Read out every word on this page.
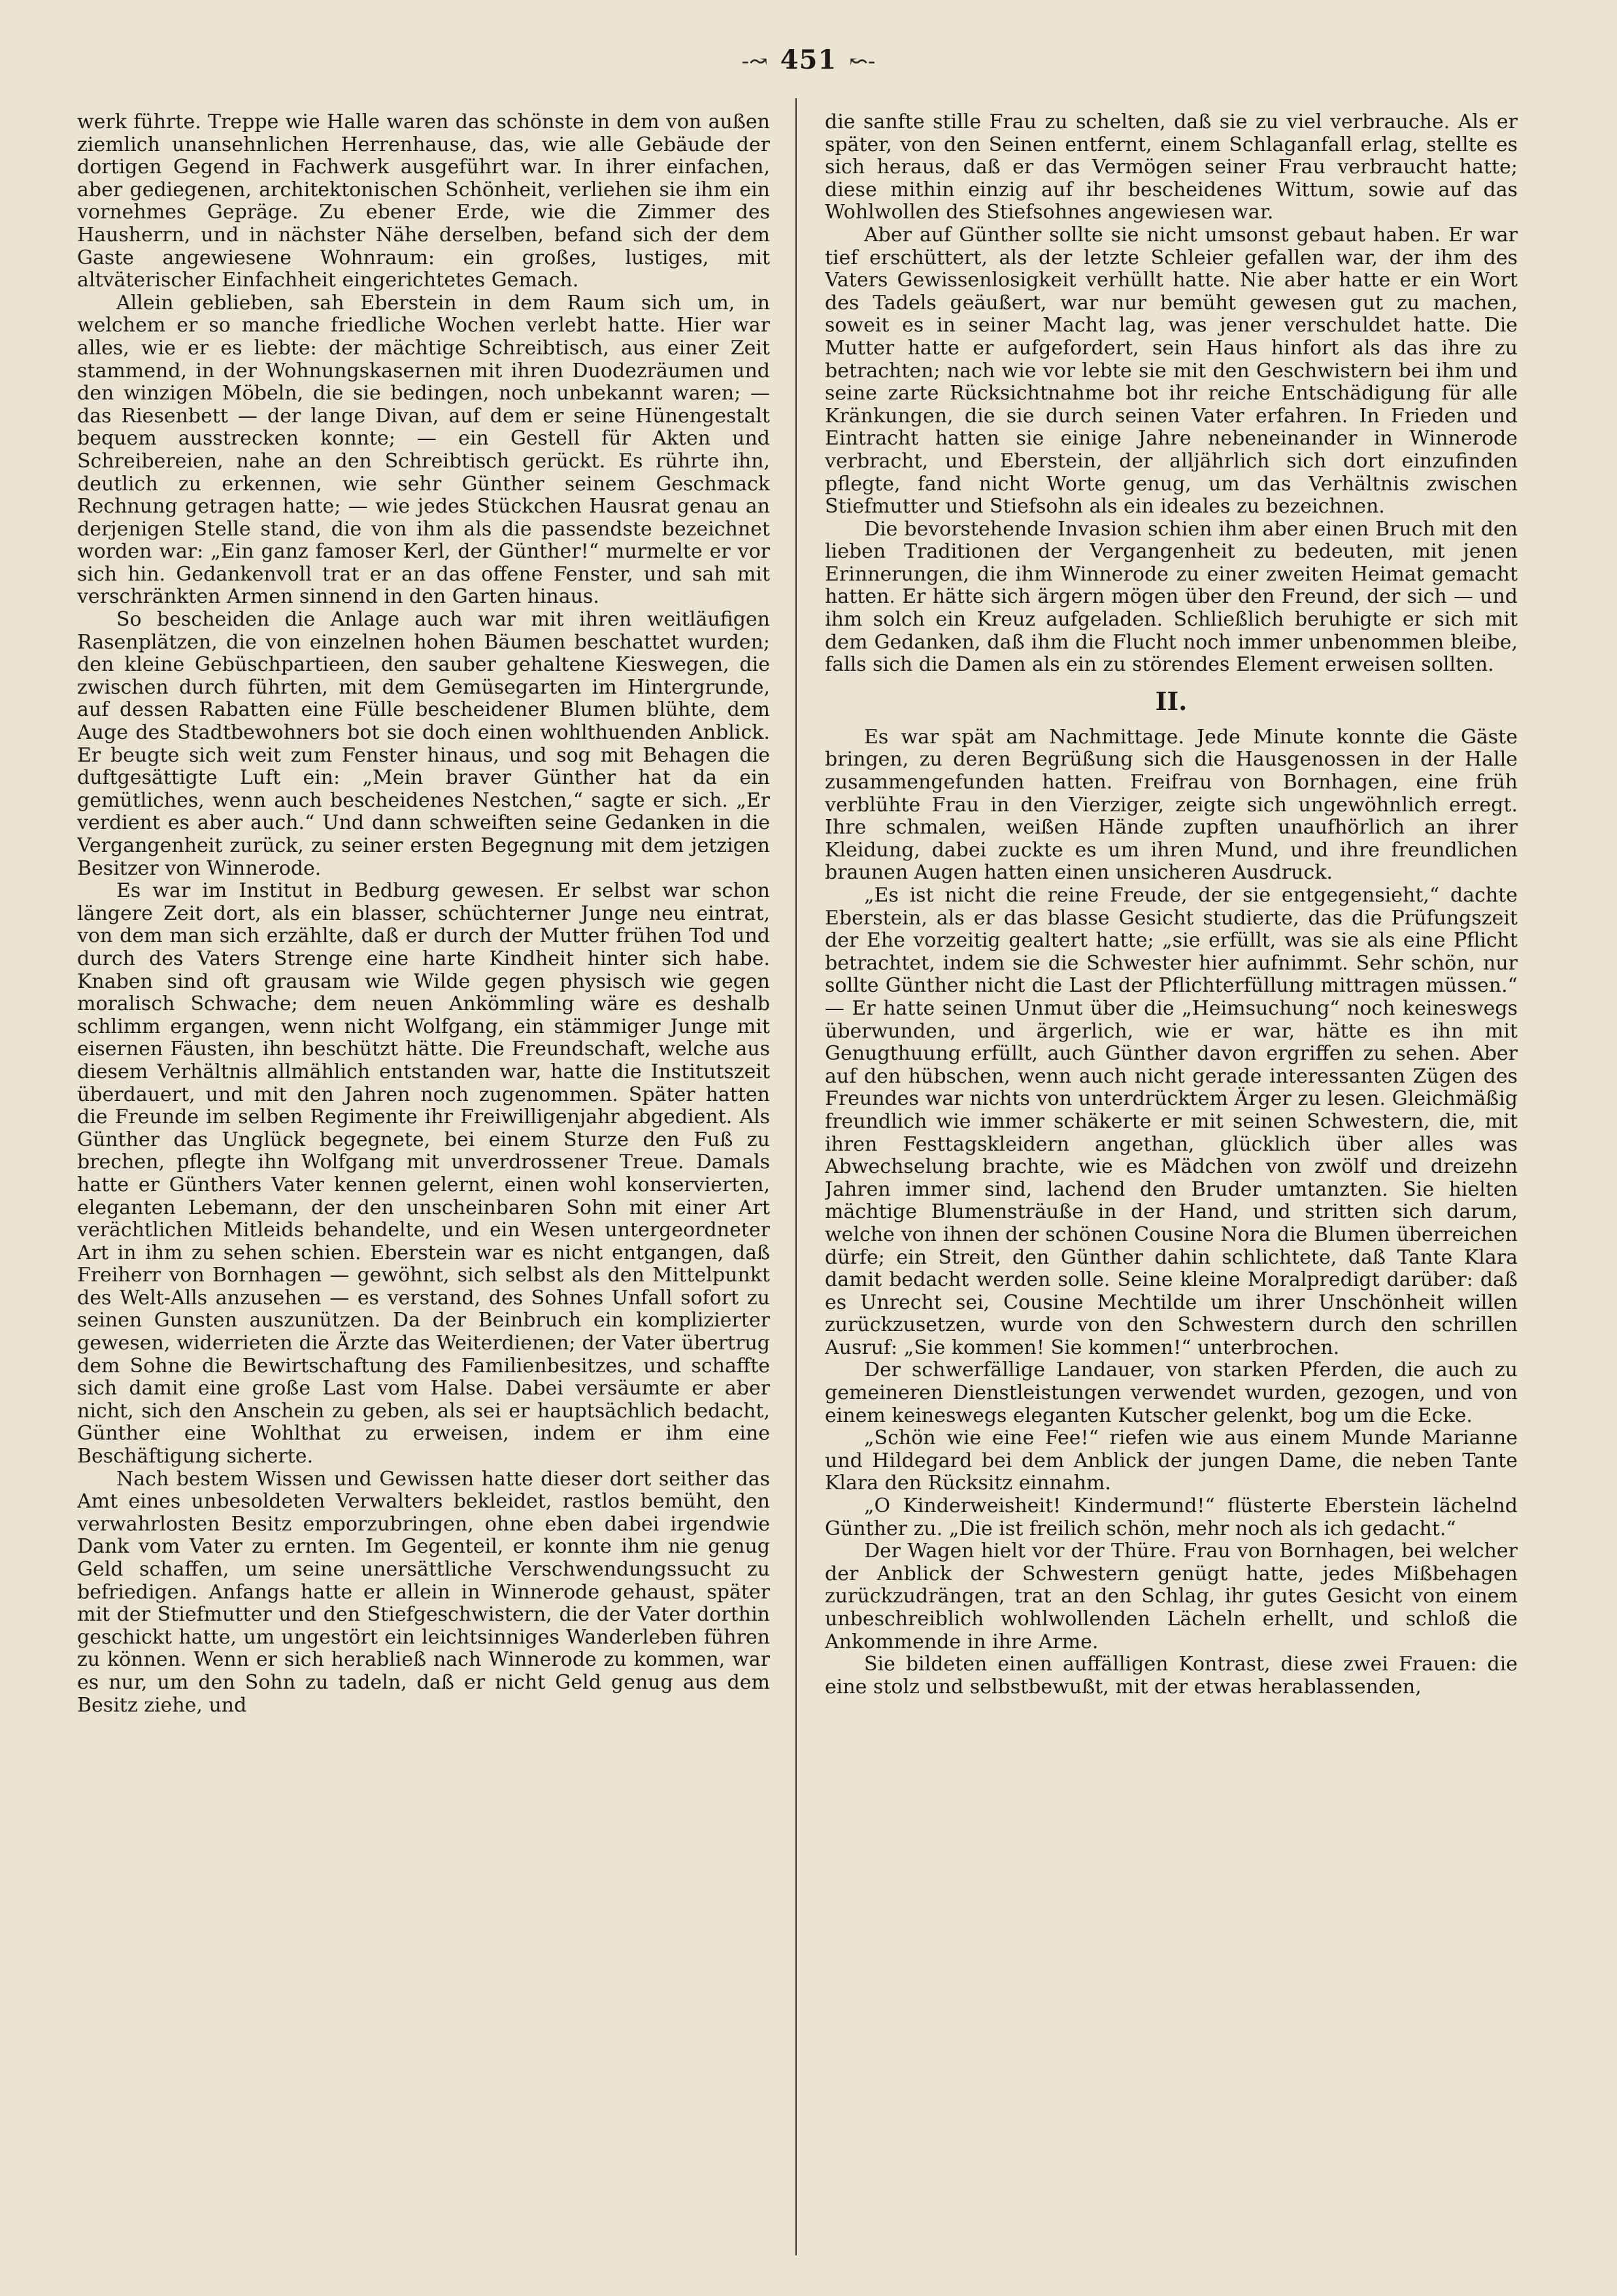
-↝ 451 ↜-

werk führte. Treppe wie Halle waren das schönste in dem von außen ziemlich unansehnlichen Herrenhause, das, wie alle Gebäude der dortigen Gegend in Fachwerk ausgeführt war. In ihrer einfachen, aber gediegenen, architektonischen Schönheit, verliehen sie ihm ein vornehmes Gepräge. Zu ebener Erde, wie die Zimmer des Hausherrn, und in nächster Nähe derselben, befand sich der dem Gaste angewiesene Wohnraum: ein großes, lustiges, mit altväterischer Einfachheit eingerichtetes Gemach.

Allein geblieben, sah Eberstein in dem Raum sich um, in welchem er so manche friedliche Wochen verlebt hatte. Hier war alles, wie er es liebte: der mächtige Schreibtisch, aus einer Zeit stammend, in der Wohnungskasernen mit ihren Duodezräumen und den winzigen Möbeln, die sie bedingen, noch unbekannt waren; — das Riesenbett — der lange Divan, auf dem er seine Hünengestalt bequem ausstrecken konnte; — ein Gestell für Akten und Schreibereien, nahe an den Schreibtisch gerückt. Es rührte ihn, deutlich zu erkennen, wie sehr Günther seinem Geschmack Rechnung getragen hatte; — wie jedes Stückchen Hausrat genau an derjenigen Stelle stand, die von ihm als die passendste bezeichnet worden war: „Ein ganz famoser Kerl, der Günther!“ murmelte er vor sich hin. Gedankenvoll trat er an das offene Fenster, und sah mit verschränkten Armen sinnend in den Garten hinaus.

So bescheiden die Anlage auch war mit ihren weitläufigen Rasenplätzen, die von einzelnen hohen Bäumen beschattet wurden; den kleine Gebüschpartieen, den sauber gehaltene Kieswegen, die zwischen durch führten, mit dem Gemüsegarten im Hintergrunde, auf dessen Rabatten eine Fülle bescheidener Blumen blühte, dem Auge des Stadtbewohners bot sie doch einen wohlthuenden Anblick. Er beugte sich weit zum Fenster hinaus, und sog mit Behagen die duftgesättigte Luft ein: „Mein braver Günther hat da ein gemütliches, wenn auch bescheidenes Nestchen,“ sagte er sich. „Er verdient es aber auch.“ Und dann schweiften seine Gedanken in die Vergangenheit zurück, zu seiner ersten Begegnung mit dem jetzigen Besitzer von Winnerode.

Es war im Institut in Bedburg gewesen. Er selbst war schon längere Zeit dort, als ein blasser, schüchterner Junge neu eintrat, von dem man sich erzählte, daß er durch der Mutter frühen Tod und durch des Vaters Strenge eine harte Kindheit hinter sich habe. Knaben sind oft grausam wie Wilde gegen physisch wie gegen moralisch Schwache; dem neuen Ankömmling wäre es deshalb schlimm ergangen, wenn nicht Wolfgang, ein stämmiger Junge mit eisernen Fäusten, ihn beschützt hätte. Die Freundschaft, welche aus diesem Verhältnis allmählich entstanden war, hatte die Institutszeit überdauert, und mit den Jahren noch zugenommen. Später hatten die Freunde im selben Regimente ihr Freiwilligenjahr abgedient. Als Günther das Unglück begegnete, bei einem Sturze den Fuß zu brechen, pflegte ihn Wolfgang mit unverdrossener Treue. Damals hatte er Günthers Vater kennen gelernt, einen wohl konservierten, eleganten Lebemann, der den unscheinbaren Sohn mit einer Art verächtlichen Mitleids behandelte, und ein Wesen untergeordneter Art in ihm zu sehen schien. Eberstein war es nicht entgangen, daß Freiherr von Bornhagen — gewöhnt, sich selbst als den Mittelpunkt des Welt-Alls anzusehen — es verstand, des Sohnes Unfall sofort zu seinen Gunsten auszunützen. Da der Beinbruch ein komplizierter gewesen, widerrieten die Ärzte das Weiterdienen; der Vater übertrug dem Sohne die Bewirtschaftung des Familienbesitzes, und schaffte sich damit eine große Last vom Halse. Dabei versäumte er aber nicht, sich den Anschein zu geben, als sei er hauptsächlich bedacht, Günther eine Wohlthat zu erweisen, indem er ihm eine Beschäftigung sicherte.

Nach bestem Wissen und Gewissen hatte dieser dort seither das Amt eines unbesoldeten Verwalters bekleidet, rastlos bemüht, den verwahrlosten Besitz emporzubringen, ohne eben dabei irgendwie Dank vom Vater zu ernten. Im Gegenteil, er konnte ihm nie genug Geld schaffen, um seine unersättliche Verschwendungssucht zu befriedigen. Anfangs hatte er allein in Winnerode gehaust, später mit der Stiefmutter und den Stiefgeschwistern, die der Vater dorthin geschickt hatte, um ungestört ein leichtsinniges Wanderleben führen zu können. Wenn er sich herabließ nach Winnerode zu kommen, war es nur, um den Sohn zu tadeln, daß er nicht Geld genug aus dem Besitz ziehe, und

die sanfte stille Frau zu schelten, daß sie zu viel verbrauche. Als er später, von den Seinen entfernt, einem Schlaganfall erlag, stellte es sich heraus, daß er das Vermögen seiner Frau verbraucht hatte; diese mithin einzig auf ihr bescheidenes Wittum, sowie auf das Wohlwollen des Stiefsohnes angewiesen war.

Aber auf Günther sollte sie nicht umsonst gebaut haben. Er war tief erschüttert, als der letzte Schleier gefallen war, der ihm des Vaters Gewissenlosigkeit verhüllt hatte. Nie aber hatte er ein Wort des Tadels geäußert, war nur bemüht gewesen gut zu machen, soweit es in seiner Macht lag, was jener verschuldet hatte. Die Mutter hatte er aufgefordert, sein Haus hinfort als das ihre zu betrachten; nach wie vor lebte sie mit den Geschwistern bei ihm und seine zarte Rücksichtnahme bot ihr reiche Entschädigung für alle Kränkungen, die sie durch seinen Vater erfahren. In Frieden und Eintracht hatten sie einige Jahre nebeneinander in Winnerode verbracht, und Eberstein, der alljährlich sich dort einzufinden pflegte, fand nicht Worte genug, um das Verhältnis zwischen Stiefmutter und Stiefsohn als ein ideales zu bezeichnen.

Die bevorstehende Invasion schien ihm aber einen Bruch mit den lieben Traditionen der Vergangenheit zu bedeuten, mit jenen Erinnerungen, die ihm Winnerode zu einer zweiten Heimat gemacht hatten. Er hätte sich ärgern mögen über den Freund, der sich — und ihm solch ein Kreuz aufgeladen. Schließlich beruhigte er sich mit dem Gedanken, daß ihm die Flucht noch immer unbenommen bleibe, falls sich die Damen als ein zu störendes Element erweisen sollten.

II.

Es war spät am Nachmittage. Jede Minute konnte die Gäste bringen, zu deren Begrüßung sich die Hausgenossen in der Halle zusammengefunden hatten. Freifrau von Bornhagen, eine früh verblühte Frau in den Vierziger, zeigte sich ungewöhnlich erregt. Ihre schmalen, weißen Hände zupften unaufhörlich an ihrer Kleidung, dabei zuckte es um ihren Mund, und ihre freundlichen braunen Augen hatten einen unsicheren Ausdruck.

„Es ist nicht die reine Freude, der sie entgegensieht,“ dachte Eberstein, als er das blasse Gesicht studierte, das die Prüfungszeit der Ehe vorzeitig gealtert hatte; „sie erfüllt, was sie als eine Pflicht betrachtet, indem sie die Schwester hier aufnimmt. Sehr schön, nur sollte Günther nicht die Last der Pflichterfüllung mittragen müssen.“ — Er hatte seinen Unmut über die „Heimsuchung“ noch keineswegs überwunden, und ärgerlich, wie er war, hätte es ihn mit Genugthuung erfüllt, auch Günther davon ergriffen zu sehen. Aber auf den hübschen, wenn auch nicht gerade interessanten Zügen des Freundes war nichts von unterdrücktem Ärger zu lesen. Gleichmäßig freundlich wie immer schäkerte er mit seinen Schwestern, die, mit ihren Festtagskleidern angethan, glücklich über alles was Abwechselung brachte, wie es Mädchen von zwölf und dreizehn Jahren immer sind, lachend den Bruder umtanzten. Sie hielten mächtige Blumensträuße in der Hand, und stritten sich darum, welche von ihnen der schönen Cousine Nora die Blumen überreichen dürfe; ein Streit, den Günther dahin schlichtete, daß Tante Klara damit bedacht werden solle. Seine kleine Moralpredigt darüber: daß es Unrecht sei, Cousine Mechtilde um ihrer Unschönheit willen zurückzusetzen, wurde von den Schwestern durch den schrillen Ausruf: „Sie kommen! Sie kommen!“ unterbrochen.

Der schwerfällige Landauer, von starken Pferden, die auch zu gemeineren Dienstleistungen verwendet wurden, gezogen, und von einem keineswegs eleganten Kutscher gelenkt, bog um die Ecke.

„Schön wie eine Fee!“ riefen wie aus einem Munde Marianne und Hildegard bei dem Anblick der jungen Dame, die neben Tante Klara den Rücksitz einnahm.

„O Kinderweisheit! Kindermund!“ flüsterte Eberstein lächelnd Günther zu. „Die ist freilich schön, mehr noch als ich gedacht.“

Der Wagen hielt vor der Thüre. Frau von Bornhagen, bei welcher der Anblick der Schwestern genügt hatte, jedes Mißbehagen zurückzudrängen, trat an den Schlag, ihr gutes Gesicht von einem unbeschreiblich wohlwollenden Lächeln erhellt, und schloß die Ankommende in ihre Arme.

Sie bildeten einen auffälligen Kontrast, diese zwei Frauen: die eine stolz und selbstbewußt, mit der etwas herablassenden,
